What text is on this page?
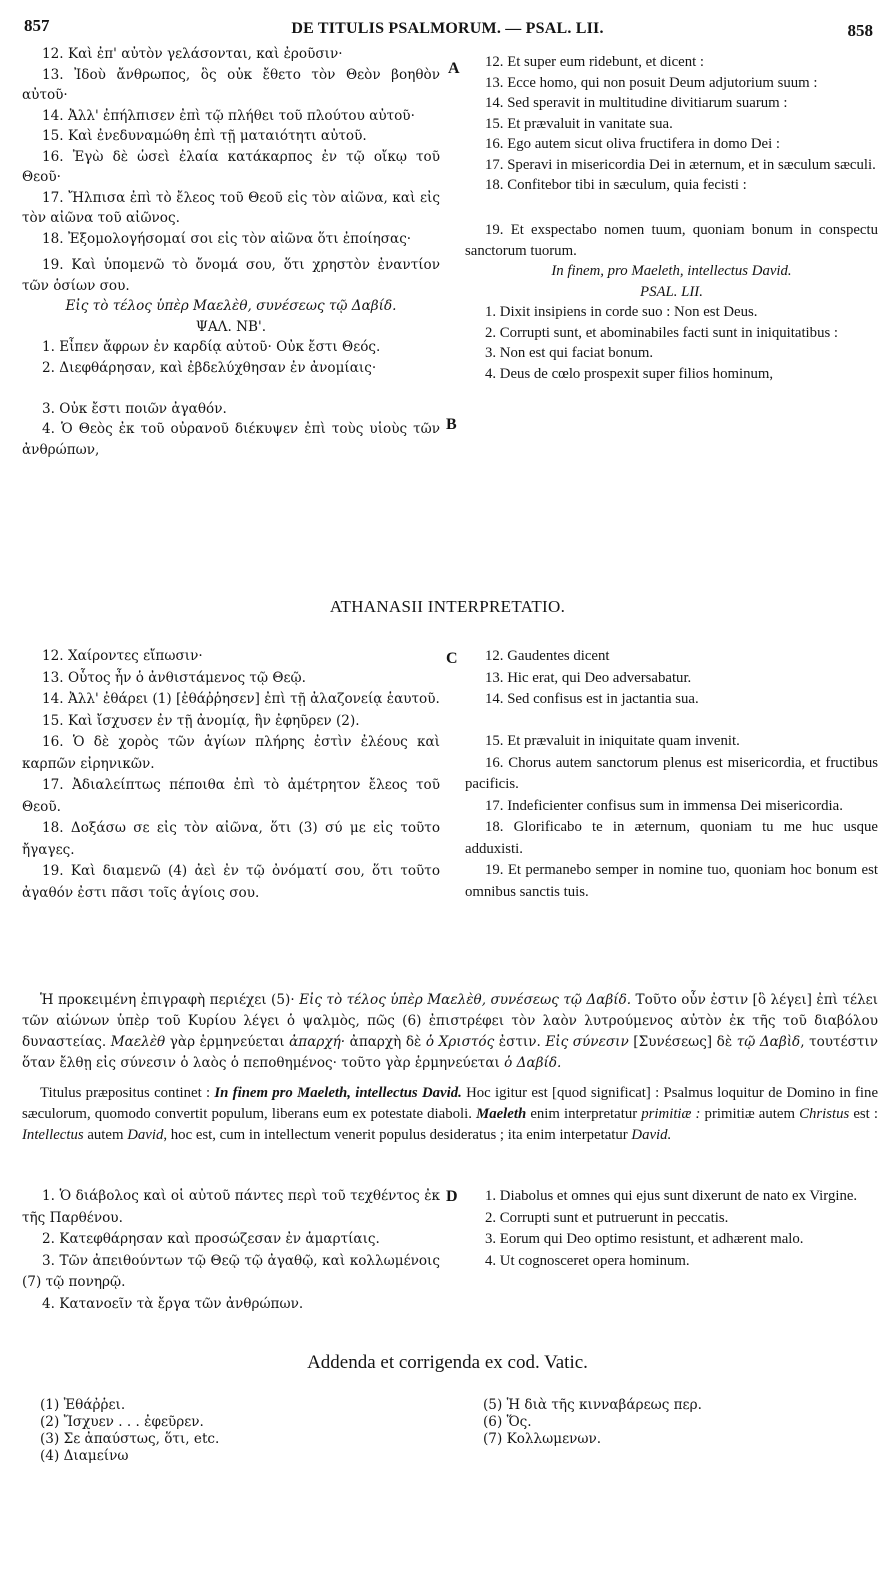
857	DE TITULIS PSALMORUM. — PSAL. LII.	858

12. Καὶ ἐπ' αὐτὸν γελάσονται, καὶ ἐροῦσιν·

13. Ἰδοὺ ἄνθρωπος, ὃς οὐκ ἔθετο τὸν Θεὸν βοηθὸν αὐτοῦ·

14. Ἀλλ' ἐπήλπισεν ἐπὶ τῷ πλήθει τοῦ πλούτου αὐτοῦ·

15. Καὶ ἐνεδυναμώθη ἐπὶ τῇ ματαιότητι αὐτοῦ.

16. Ἐγὼ δὲ ὡσεὶ ἐλαία κατάκαρπος ἐν τῷ οἴκῳ τοῦ Θεοῦ·

17. Ἤλπισα ἐπὶ τὸ ἔλεος τοῦ Θεοῦ εἰς τὸν αἰῶνα, καὶ εἰς τὸν αἰῶνα τοῦ αἰῶνος.

18. Ἐξομολογήσομαί σοι εἰς τὸν αἰῶνα ὅτι ἐποίησας·

19. Καὶ ὑπομενῶ τὸ ὄνομά σου, ὅτι χρηστὸν ἐναντίον τῶν ὁσίων σου.

Εἰς τὸ τέλος ὑπὲρ Μαελὲθ, συνέσεως τῷ Δαβίδ.

ΨΑΛ. ΝΒ'.

1. Εἶπεν ἄφρων ἐν καρδίᾳ αὐτοῦ· Οὐκ ἔστι Θεός.

2. Διεφθάρησαν, καὶ ἐβδελύχθησαν ἐν ἀνομίαις·

3. Οὐκ ἔστι ποιῶν ἀγαθόν.

4. Ὁ Θεὸς ἐκ τοῦ οὐρανοῦ διέκυψεν ἐπὶ τοὺς υἱοὺς τῶν ἀνθρώπων,

A
B

12. Et super eum ridebunt, et dicent :

13. Ecce homo, qui non posuit Deum adjutorium suum :

14. Sed speravit in multitudine divitiarum suarum :

15. Et prævaluit in vanitate sua.

16. Ego autem sicut oliva fructifera in domo Dei :

17. Speravi in misericordia Dei in æternum, et in sæculum sæculi.

18. Confitebor tibi in sæculum, quia fecisti :

19. Et exspectabo nomen tuum, quoniam bonum in conspectu sanctorum tuorum.

In finem, pro Maeleth, intellectus David.

PSAL. LII.

1. Dixit insipiens in corde suo : Non est Deus.

2. Corrupti sunt, et abominabiles facti sunt in iniquitatibus :

3. Non est qui faciat bonum.

4. Deus de cœlo prospexit super filios hominum,

ATHANASII INTERPRETATIO.

12. Χαίροντες εἴπωσιν·

13. Οὗτος ἦν ὁ ἀνθιστάμενος τῷ Θεῷ.

14. Ἀλλ' ἐθάρει (1) [ἐθάῤῥησεν] ἐπὶ τῇ ἀλαζονείᾳ ἑαυτοῦ.

15. Καὶ ἴσχυσεν ἐν τῇ ἀνομίᾳ, ἣν ἐφηῦρεν (2).

16. Ὁ δὲ χορὸς τῶν ἁγίων πλήρης ἐστὶν ἐλέους καὶ καρπῶν εἰρηνικῶν.

17. Ἀδιαλείπτως πέποιθα ἐπὶ τὸ ἀμέτρητον ἔλεος τοῦ Θεοῦ.

18. Δοξάσω σε εἰς τὸν αἰῶνα, ὅτι (3) σύ με εἰς τοῦτο ἤγαγες.

19. Καὶ διαμενῶ (4) ἀεὶ ἐν τῷ ὀνόματί σου, ὅτι τοῦτο ἀγαθόν ἐστι πᾶσι τοῖς ἁγίοις σου.

C	12. Gaudentes dicent

13. Hic erat, qui Deo adversabatur.

14. Sed confisus est in jactantia sua.

15. Et prævaluit in iniquitate quam invenit.

16. Chorus autem sanctorum plenus est misericordia, et fructibus pacificis.

17. Indeficienter confisus sum in immensa Dei misericordia.

18. Glorificabo te in æternum, quoniam tu me huc usque adduxisti.

19. Et permanebo semper in nomine tuo, quoniam hoc bonum est omnibus sanctis tuis.

Ἡ προκειμένη ἐπιγραφὴ περιέχει (5)· Εἰς τὸ τέλος ὑπὲρ Μαελὲθ, συνέσεως τῷ Δαβίδ. Τοῦτο οὖν ἐστιν [ὃ λέγει] ἐπὶ τέλει τῶν αἰώνων ὑπὲρ τοῦ Κυρίου λέγει ὁ ψαλμὸς, πῶς (6) ἐπιστρέφει τὸν λαὸν λυτρούμενος αὐτὸν ἐκ τῆς τοῦ διαβόλου δυναστείας. Μαελὲθ γὰρ ἑρμηνεύεται ἀπαρχή· ἀπαρχὴ δὲ ὁ Χριστός ἐστιν. Εἰς σύνεσιν [Συνέσεως] δὲ τῷ Δαβὶδ, τουτέστιν ὅταν ἔλθῃ εἰς σύνεσιν ὁ λαὸς ὁ πεποθημένος· τοῦτο γὰρ ἑρμηνεύεται ὁ Δαβίδ.

Titulus præpositus continet : In finem pro Maeleth, intellectus David. Hoc igitur est [quod significat] : Psalmus loquitur de Domino in fine sæculorum, quomodo convertit populum, liberans eum ex potestate diaboli. Maeleth enim interpretatur primitiæ : primitiæ autem Christus est : Intellectus autem David, hoc est, cum in intellectum venerit populus desideratus ; ita enim interpetatur David.

1. Ὁ διάβολος καὶ οἱ αὐτοῦ πάντες περὶ τοῦ τεχθέντος ἐκ τῆς Παρθένου.

2. Κατεφθάρησαν καὶ προσώζεσαν ἐν ἁμαρτίαις.

3. Τῶν ἀπειθούντων τῷ Θεῷ τῷ ἀγαθῷ, καὶ κολλωμένοις (7) τῷ πονηρῷ.

4. Κατανοεῖν τὰ ἔργα τῶν ἀνθρώπων.

D	1. Diabolus et omnes qui ejus sunt dixerunt de nato ex Virgine.

2. Corrupti sunt et putruerunt in peccatis.

3. Eorum qui Deo optimo resistunt, et adhærent malo.

4. Ut cognosceret opera hominum.

Addenda et corrigenda ex cod. Vatic.
(1) Ἐθάῤῥει.
(2) Ἴσχυεν . . . ἐφεῦρεν.
(3) Σε ἀπαύστως, ὅτι, etc.
(4) Διαμείνω
(5) Ἡ διὰ τῆς κινναβάρεως περ.
(6) Ὅς.
(7) Κολλωμενων.
